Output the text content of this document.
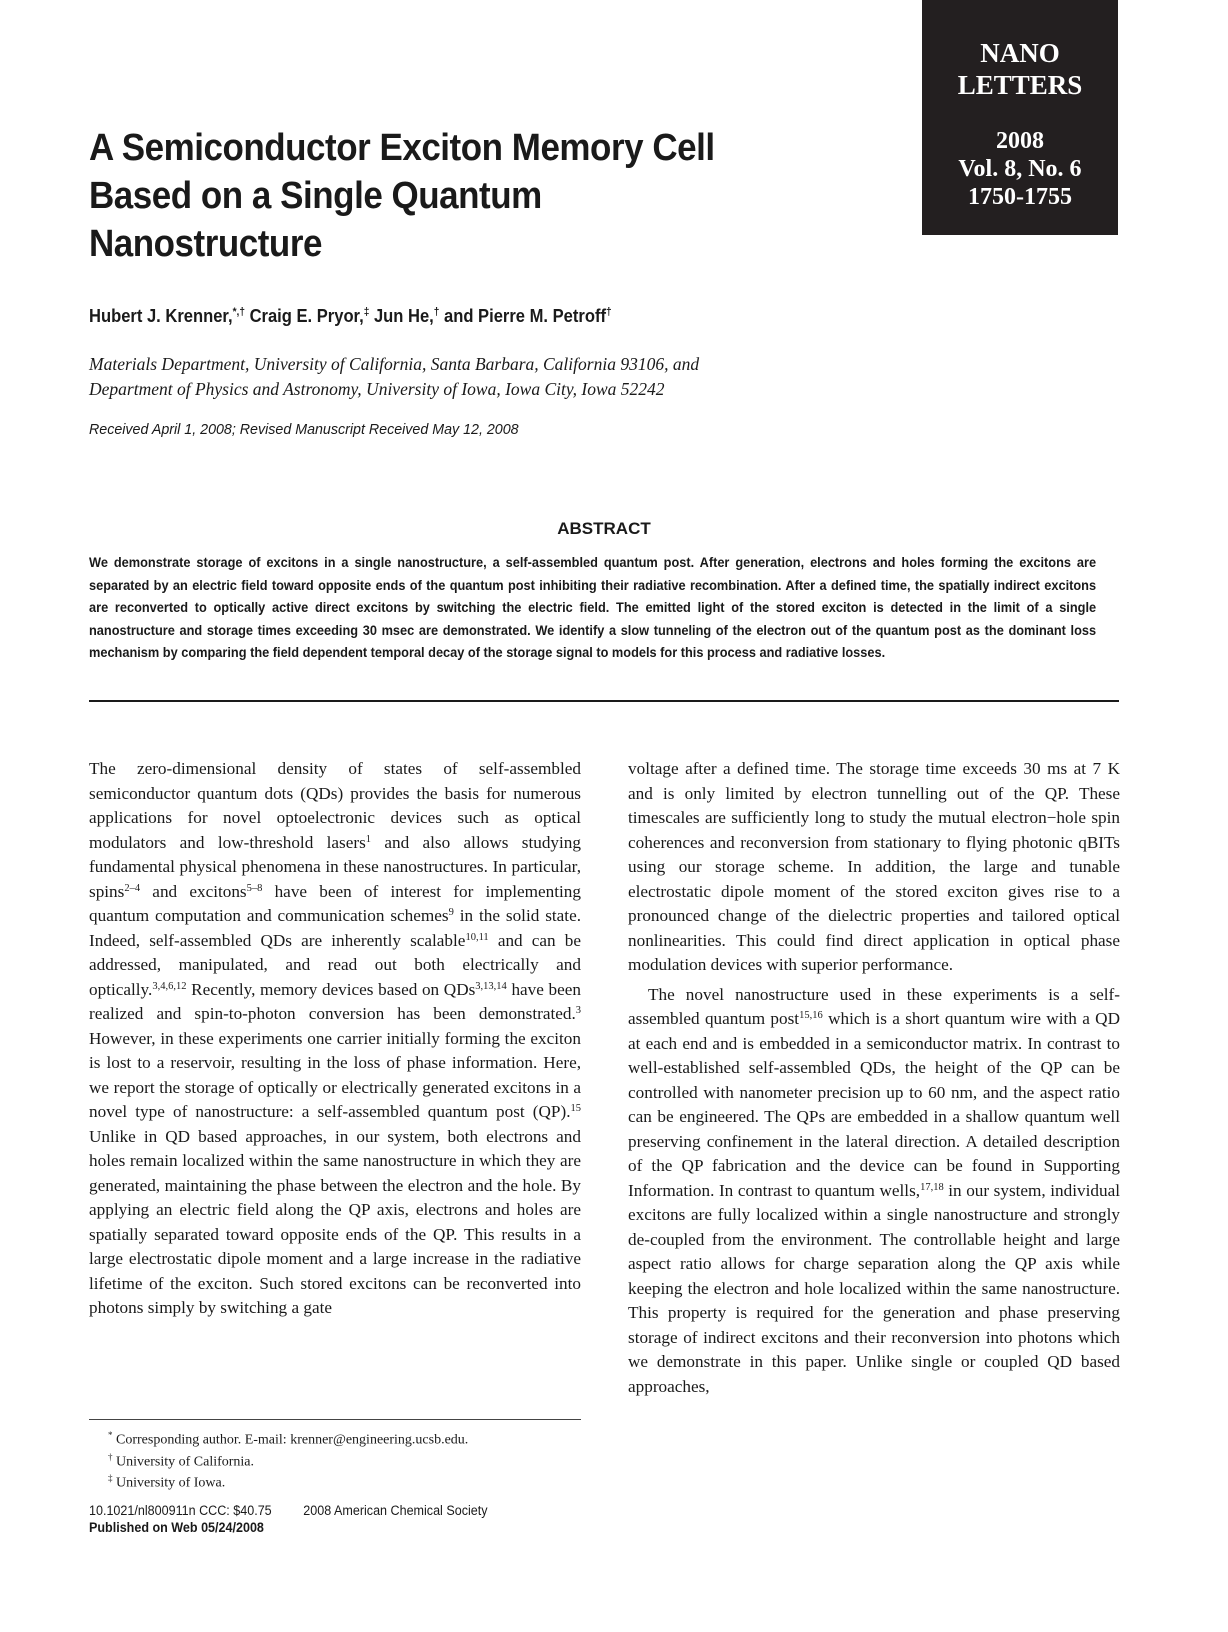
NANO
LETTERS
2008
Vol. 8, No. 6
1750-1755
A Semiconductor Exciton Memory Cell
Based on a Single Quantum
Nanostructure
Hubert J. Krenner,*,† Craig E. Pryor,‡ Jun He,† and Pierre M. Petroff†
Materials Department, University of California, Santa Barbara, California 93106, and
Department of Physics and Astronomy, University of Iowa, Iowa City, Iowa 52242
Received April 1, 2008; Revised Manuscript Received May 12, 2008
ABSTRACT
We demonstrate storage of excitons in a single nanostructure, a self-assembled quantum post. After generation, electrons and holes forming the excitons are separated by an electric field toward opposite ends of the quantum post inhibiting their radiative recombination. After a defined time, the spatially indirect excitons are reconverted to optically active direct excitons by switching the electric field. The emitted light of the stored exciton is detected in the limit of a single nanostructure and storage times exceeding 30 msec are demonstrated. We identify a slow tunneling of the electron out of the quantum post as the dominant loss mechanism by comparing the field dependent temporal decay of the storage signal to models for this process and radiative losses.

The zero-dimensional density of states of self-assembled semiconductor quantum dots (QDs) provides the basis for numerous applications for novel optoelectronic devices such as optical modulators and low-threshold lasers$^1$ and also allows studying fundamental physical phenomena in these nanostructures. In particular, spins$^{2-4}$ and excitons$^{5-8}$ have been of interest for implementing quantum computation and communication schemes$^9$ in the solid state. Indeed, self-assembled QDs are inherently scalable$^{10,11}$ and can be addressed, manipulated, and read out both electrically and optically.$^{3,4,6,12}$ Recently, memory devices based on QDs$^{3,13,14}$ have been realized and spin-to-photon conversion has been demonstrated.$^3$ However, in these experiments one carrier initially forming the exciton is lost to a reservoir, resulting in the loss of phase information. Here, we report the storage of optically or electrically generated excitons in a novel type of nanostructure: a self-assembled quantum post (QP).$^{15}$ Unlike in QD based approaches, in our system, both electrons and holes remain localized within the same nanostructure in which they are generated, maintaining the phase between the electron and the hole. By applying an electric field along the QP axis, electrons and holes are spatially separated toward opposite ends of the QP. This results in a large electrostatic dipole moment and a large increase in the radiative lifetime of the exciton. Such stored excitons can be reconverted into photons simply by switching a gate

voltage after a defined time. The storage time exceeds 30 ms at 7 K and is only limited by electron tunnelling out of the QP. These timescales are sufficiently long to study the mutual electron−hole spin coherences and reconversion from stationary to flying photonic qBITs using our storage scheme. In addition, the large and tunable electrostatic dipole moment of the stored exciton gives rise to a pronounced change of the dielectric properties and tailored optical nonlinearities. This could find direct application in optical phase modulation devices with superior performance.

The novel nanostructure used in these experiments is a self-assembled quantum post$^{15,16}$ which is a short quantum wire with a QD at each end and is embedded in a semiconductor matrix. In contrast to well-established self-assembled QDs, the height of the QP can be controlled with nanometer precision up to 60 nm, and the aspect ratio can be engineered. The QPs are embedded in a shallow quantum well preserving confinement in the lateral direction. A detailed description of the QP fabrication and the device can be found in Supporting Information. In contrast to quantum wells,$^{17,18}$ in our system, individual excitons are fully localized within a single nanostructure and strongly de-coupled from the environment. The controllable height and large aspect ratio allows for charge separation along the QP axis while keeping the electron and hole localized within the same nanostructure. This property is required for the generation and phase preserving storage of indirect excitons and their reconversion into photons which we demonstrate in this paper. Unlike single or coupled QD based approaches,

* Corresponding author. E-mail: krenner@engineering.ucsb.edu.
† University of California.
‡ University of Iowa.
10.1021/nl800911n CCC: $40.75 2008 American Chemical Society
Published on Web 05/24/2008
